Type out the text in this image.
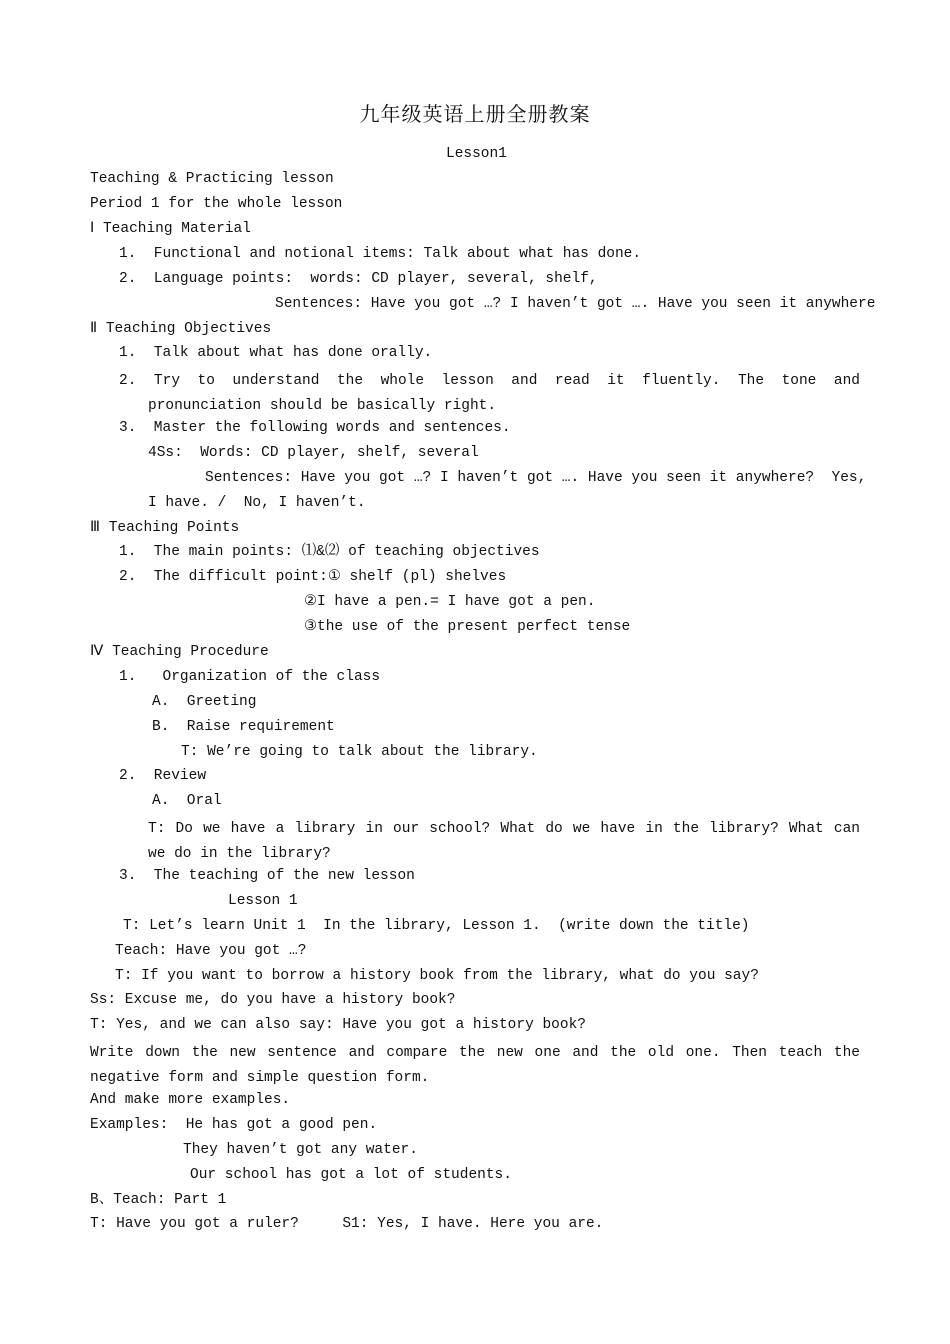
九年级英语上册全册教案
Lesson1
Teaching & Practicing lesson
Period 1 for the whole lesson
Ⅰ Teaching Material
1.  Functional and notional items: Talk about what has done.
2.  Language points:  words: CD player, several, shelf,
Sentences: Have you got …? I haven’t got …. Have you seen it anywhere
Ⅱ Teaching Objectives
1.  Talk about what has done orally.
2. Try to understand the whole lesson and read it fluently. The tone and pronunciation should be basically right.
3.  Master the following words and sentences.
4Ss:  Words: CD player, shelf, several
Sentences: Have you got …? I haven’t got …. Have you seen it anywhere?  Yes,
I have. /  No, I haven’t.
Ⅲ Teaching Points
1.  The main points: ⑴&⑵ of teaching objectives
2.  The difficult point:① shelf (pl) shelves
②I have a pen.= I have got a pen.
③the use of the present perfect tense
Ⅳ Teaching Procedure
1.   Organization of the class
A.  Greeting
B.  Raise requirement
T: We’re going to talk about the library.
2.  Review
A.  Oral
T: Do we have a library in our school? What do we have in the library? What can we do in the library?
3.  The teaching of the new lesson
Lesson 1
T: Let’s learn Unit 1  In the library, Lesson 1.  (write down the title)
Teach: Have you got …?
T: If you want to borrow a history book from the library, what do you say?
Ss: Excuse me, do you have a history book?
T: Yes, and we can also say: Have you got a history book?
Write down the new sentence and compare the new one and the old one. Then teach the negative form and simple question form.
And make more examples.
Examples:  He has got a good pen.
They haven’t got any water.
Our school has got a lot of students.
B、Teach: Part 1
T: Have you got a ruler?     S1: Yes, I have. Here you are.
